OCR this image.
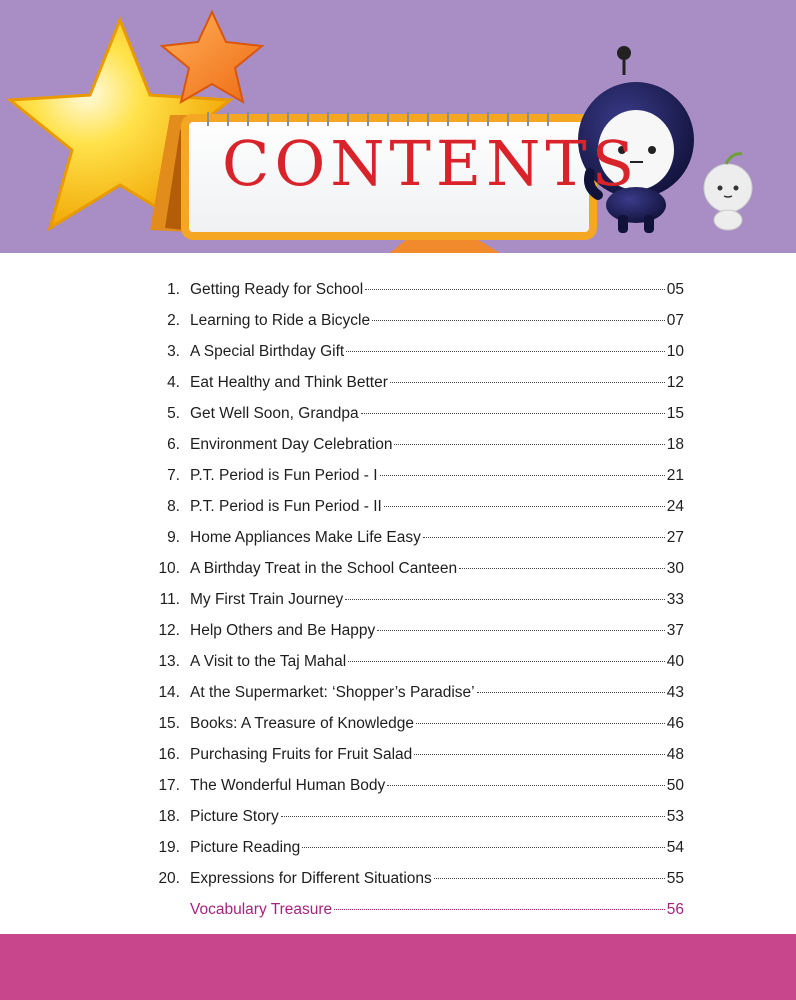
CONTENTS
1. Getting Ready for School	05
2. Learning to Ride a Bicycle	07
3. A Special Birthday Gift	10
4. Eat Healthy and Think Better	12
5. Get Well Soon, Grandpa	15
6. Environment Day Celebration	18
7. P.T. Period is Fun Period - I	21
8. P.T. Period is Fun Period - II	24
9. Home Appliances Make Life Easy	27
10. A Birthday Treat in the School Canteen	30
11. My First Train Journey	33
12. Help Others and Be Happy	37
13. A Visit to the Taj Mahal	40
14. At the Supermarket: ‘Shopper’s Paradise’	43
15. Books: A Treasure of Knowledge	46
16. Purchasing Fruits for Fruit Salad	48
17. The Wonderful Human Body	50
18. Picture Story	53
19. Picture Reading	54
20. Expressions for Different Situations	55
Vocabulary Treasure	56
